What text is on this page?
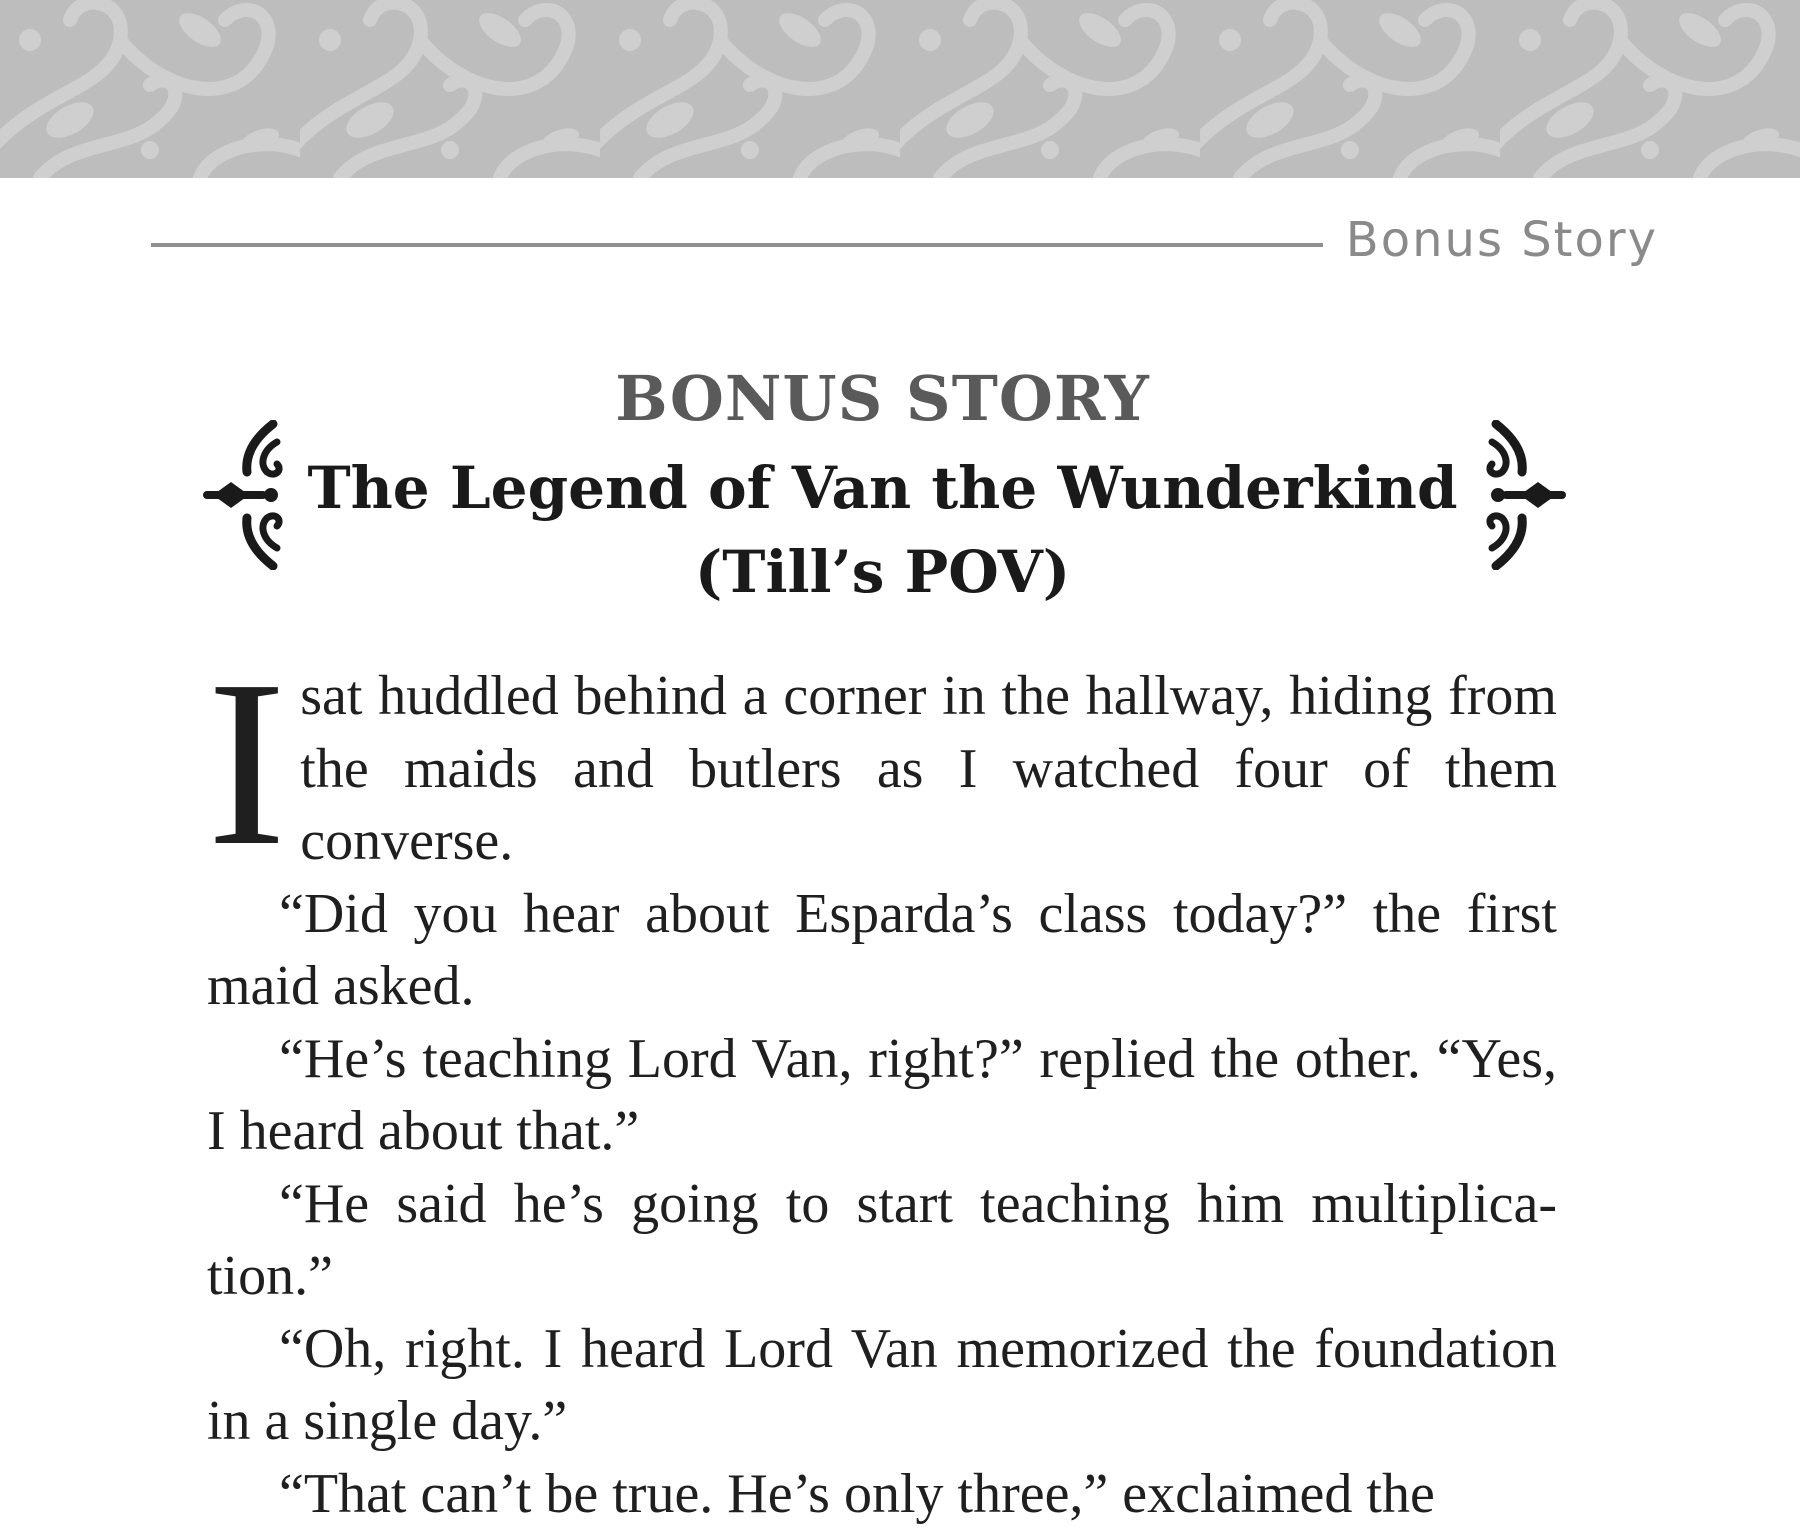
Bonus Story
BONUS STORY
The Legend of Van the Wunderkind
(Till’s POV)

Isat huddled behind a corner in the hallway, hiding from the maids and butlers as I watched four of them converse.

“Did you hear about Esparda’s class today?” the first maid asked.

“He’s teaching Lord Van, right?” replied the other. “Yes, I heard about that.”

“He said he’s going to start teaching him multiplica-tion.”

“Oh, right. I heard Lord Van memorized the foundation in a single day.”

“That can’t be true. He’s only three,” exclaimed the
